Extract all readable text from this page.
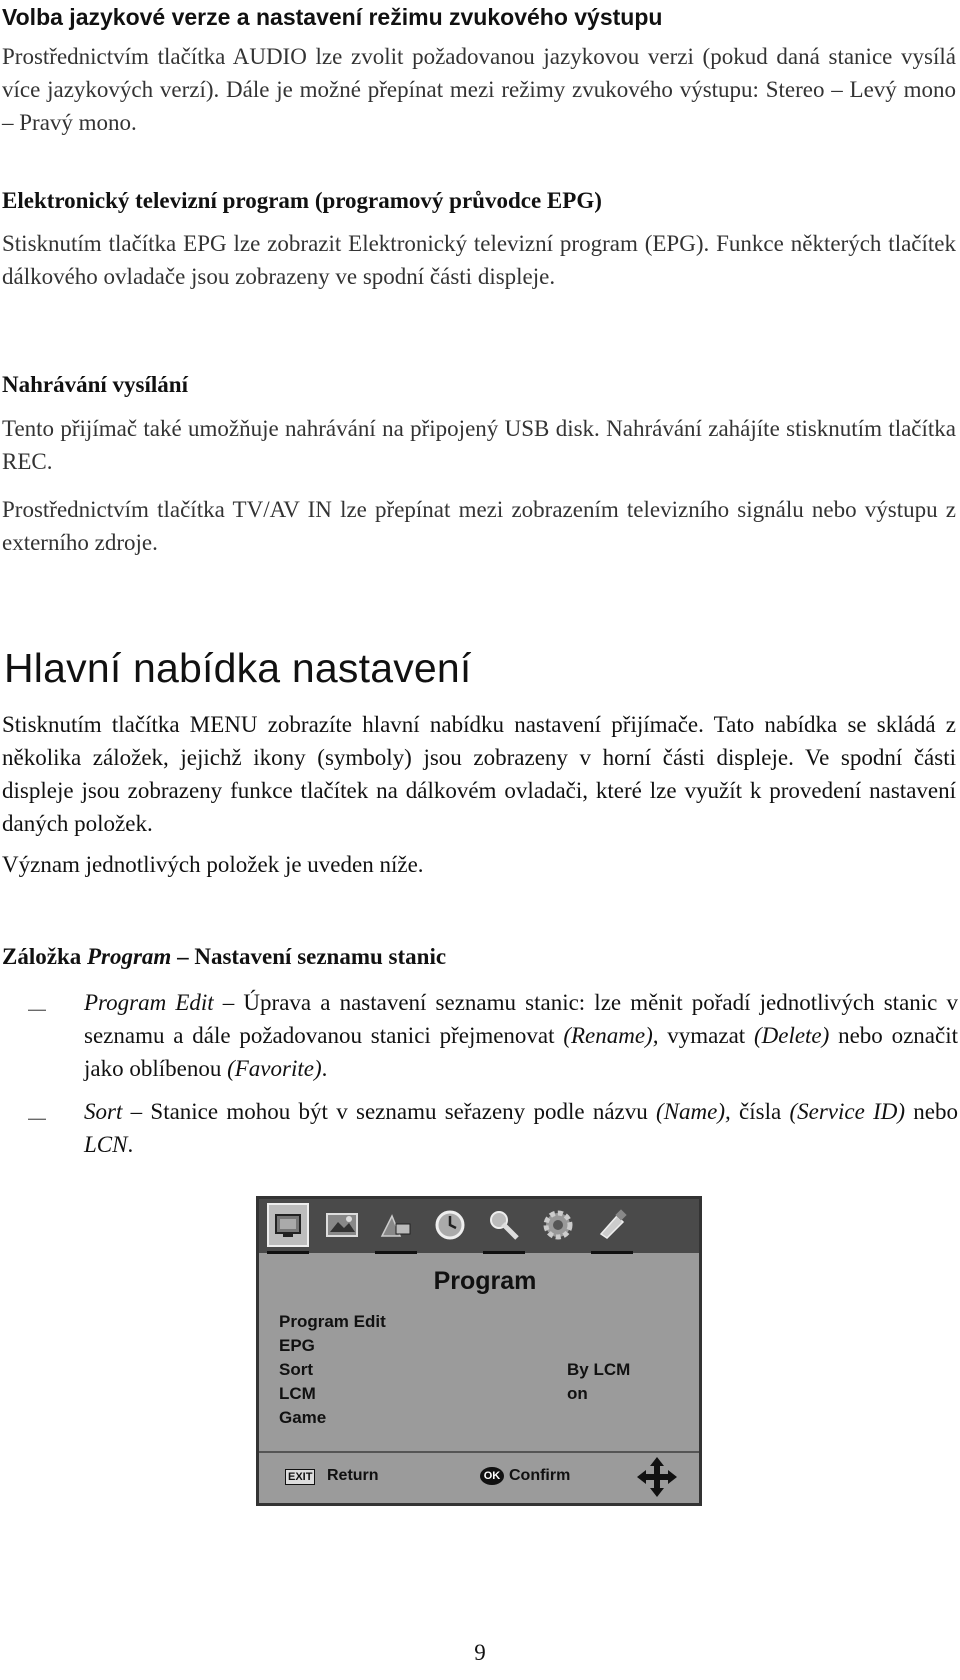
Volba jazykové verze a nastavení režimu zvukového výstupu

Prostřednictvím tlačítka AUDIO lze zvolit požadovanou jazykovou verzi (pokud daná stanice vysílá více jazykových verzí). Dále je možné přepínat mezi režimy zvukového výstupu: Stereo – Levý mono – Pravý mono.

Elektronický televizní program (programový průvodce EPG)

Stisknutím tlačítka EPG lze zobrazit Elektronický televizní program (EPG). Funkce některých tlačítek dálkového ovladače jsou zobrazeny ve spodní části displeje.

Nahrávání vysílání

Tento přijímač také umožňuje nahrávání na připojený USB disk. Nahrávání zahájíte stisknutím tlačítka REC.

Prostřednictvím tlačítka TV/AV IN lze přepínat mezi zobrazením televizního signálu nebo výstupu z externího zdroje.

Hlavní nabídka nastavení

Stisknutím tlačítka MENU zobrazíte hlavní nabídku nastavení přijímače. Tato nabídka se skládá z několika záložek, jejichž ikony (symboly) jsou zobrazeny v horní části displeje. Ve spodní části displeje jsou zobrazeny funkce tlačítek na dálkovém ovladači, které lze využít k provedení nastavení daných položek.

Význam jednotlivých položek je uveden níže.

Záložka Program – Nastavení seznamu stanic
⸏ Program Edit – Úprava a nastavení seznamu stanic: lze měnit pořadí jednotlivých stanic v seznamu a dále požadovanou stanici přejmenovat (Rename), vymazat (Delete) nebo označit jako oblíbenou (Favorite).

⸏ Sort – Stanice mohou být v seznamu seřazeny podle názvu (Name), čísla (Service ID) nebo LCN.

Program
Program Edit
EPG
Sort	By LCM
LCM	on
Game
EXIT Return	OK Confirm
9
